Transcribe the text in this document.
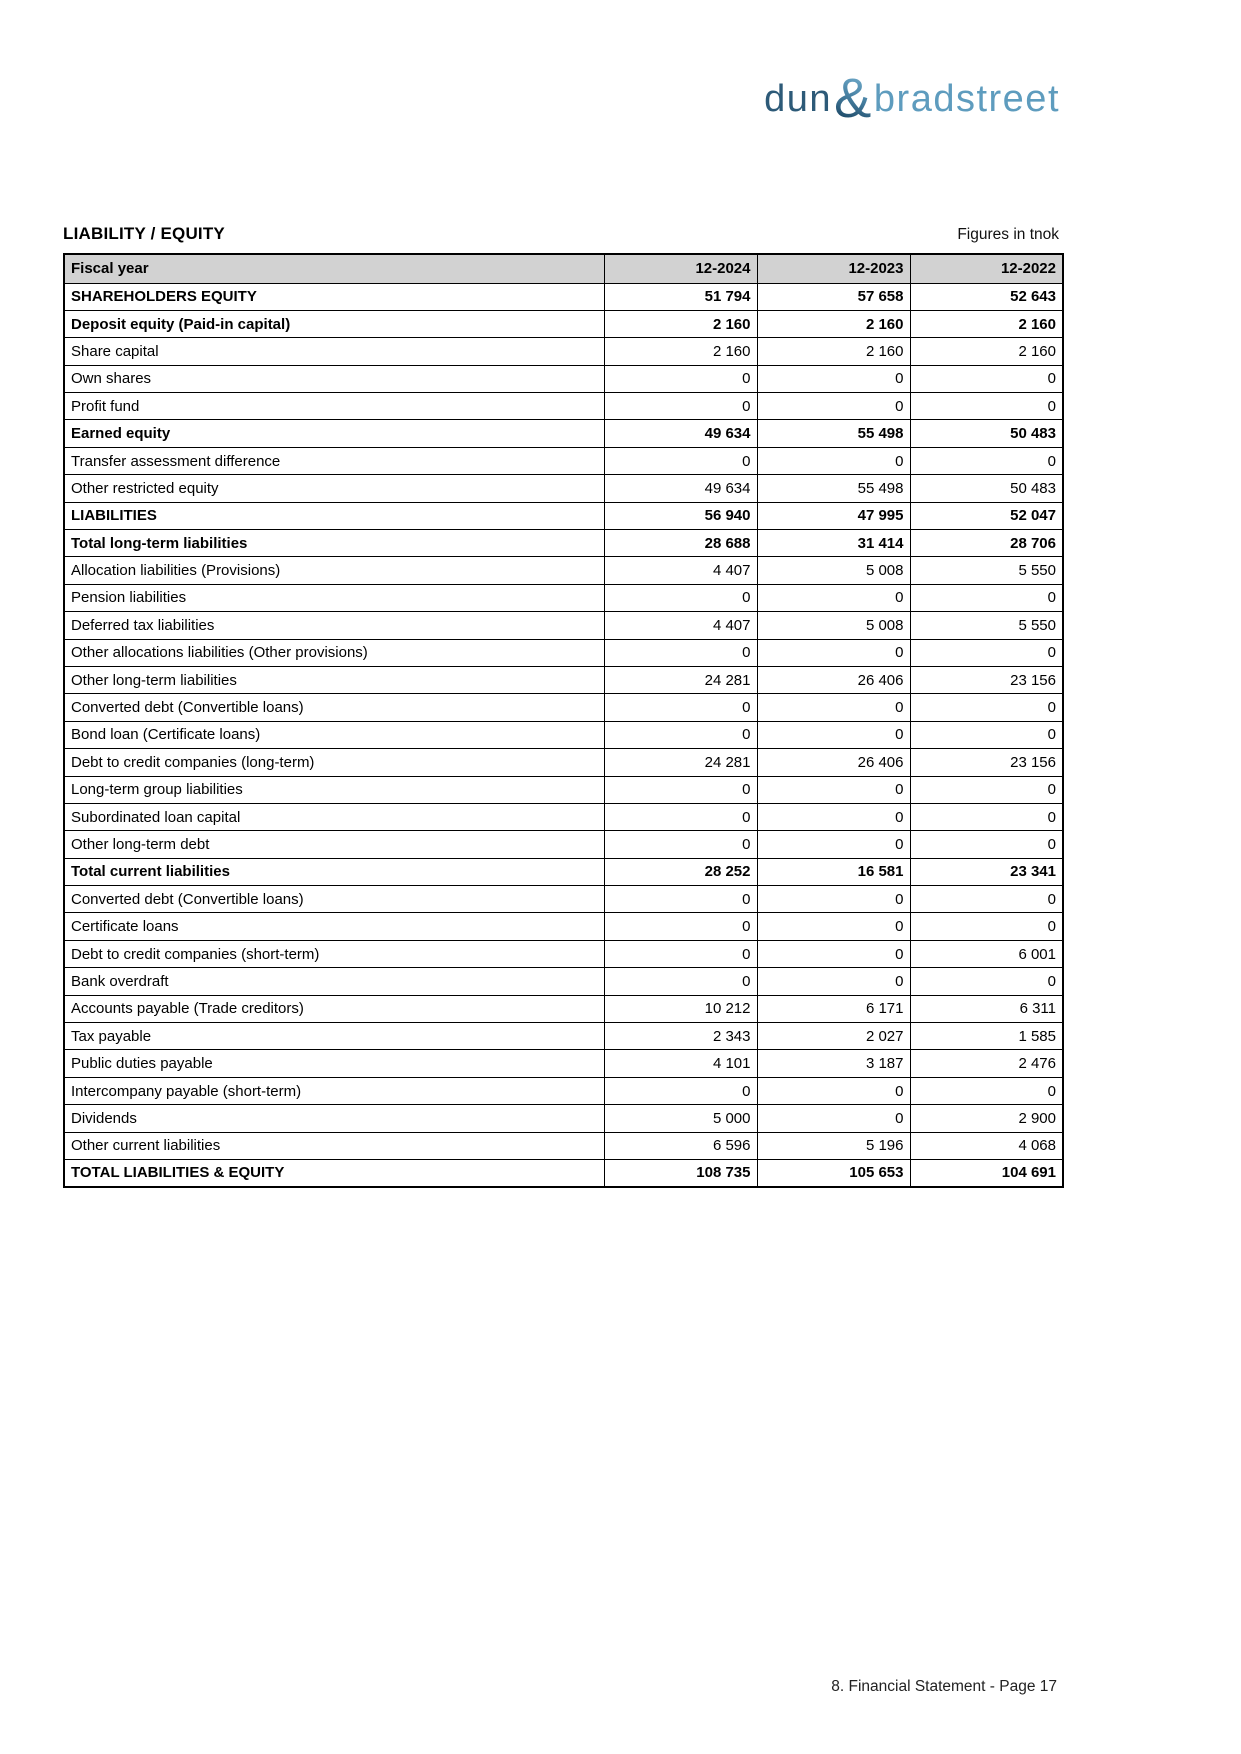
dun & bradstreet
LIABILITY / EQUITY	Figures in tnok
Fiscal year	12-2024	12-2023	12-2022
SHAREHOLDERS EQUITY	51 794	57 658	52 643
Deposit equity (Paid-in capital)	2 160	2 160	2 160
Share capital	2 160	2 160	2 160
Own shares	0	0	0
Profit fund	0	0	0
Earned equity	49 634	55 498	50 483
Transfer assessment difference	0	0	0
Other restricted equity	49 634	55 498	50 483
LIABILITIES	56 940	47 995	52 047
Total long-term liabilities	28 688	31 414	28 706
Allocation liabilities (Provisions)	4 407	5 008	5 550
Pension liabilities	0	0	0
Deferred tax liabilities	4 407	5 008	5 550
Other allocations liabilities (Other provisions)	0	0	0
Other long-term liabilities	24 281	26 406	23 156
Converted debt (Convertible loans)	0	0	0
Bond loan (Certificate loans)	0	0	0
Debt to credit companies (long-term)	24 281	26 406	23 156
Long-term group liabilities	0	0	0
Subordinated loan capital	0	0	0
Other long-term debt	0	0	0
Total current liabilities	28 252	16 581	23 341
Converted debt (Convertible loans)	0	0	0
Certificate loans	0	0	0
Debt to credit companies (short-term)	0	0	6 001
Bank overdraft	0	0	0
Accounts payable (Trade creditors)	10 212	6 171	6 311
Tax payable	2 343	2 027	1 585
Public duties payable	4 101	3 187	2 476
Intercompany payable (short-term)	0	0	0
Dividends	5 000	0	2 900
Other current liabilities	6 596	5 196	4 068
TOTAL LIABILITIES & EQUITY	108 735	105 653	104 691
8. Financial Statement - Page 17
